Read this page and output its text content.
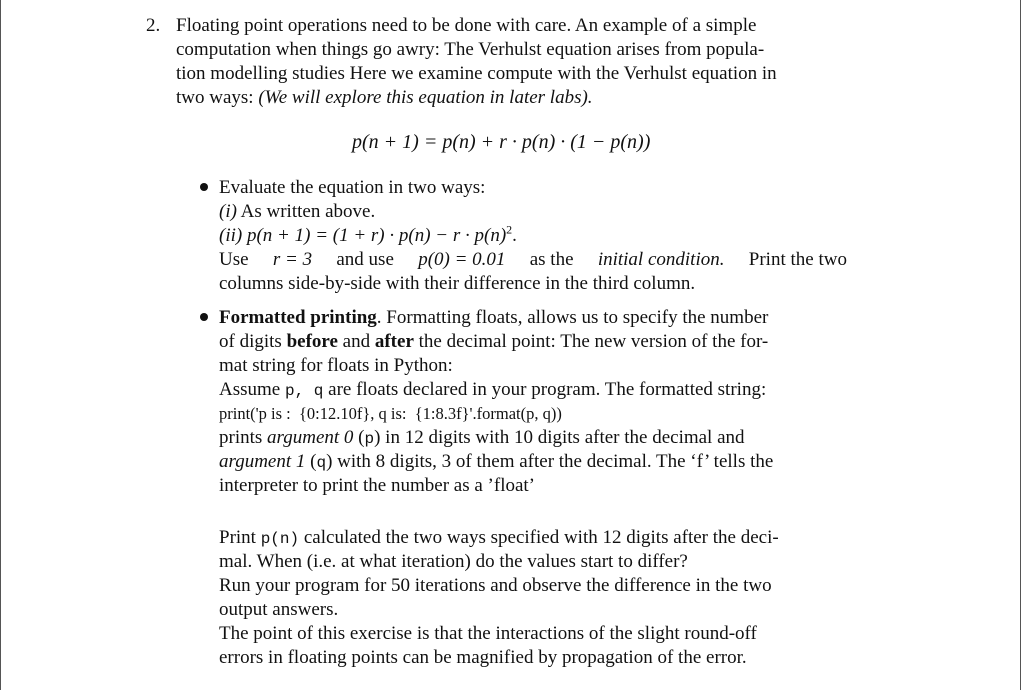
2. Floating point operations need to be done with care. An example of a simple
computation when things go awry: The Verhulst equation arises from popula-
tion modelling studies Here we examine compute with the Verhulst equation in
two ways: (We will explore this equation in later labs).
p(n + 1) = p(n) + r · p(n) · (1 − p(n))
Evaluate the equation in two ways:
(i) As written above.
(ii) $p(n + 1) = (1 + r) \cdot p(n) - r \cdot p(n)^2$.
Use r = 3 and use p(0) = 0.01 as the initial condition. Print the two
columns side-by-side with their difference in the third column.
Formatted printing. Formatting floats, allows us to specify the number
of digits before and after the decimal point: The new version of the for-
mat string for floats in Python:
Assume p, q are floats declared in your program. The formatted string:
print('p is :  {0:12.10f}, q is:  {1:8.3f}'.format(p, q))
prints argument 0 (p) in 12 digits with 10 digits after the decimal and
argument 1 (q) with 8 digits, 3 of them after the decimal. The ‘f’ tells the
interpreter to print the number as a ’float’
Print p(n) calculated the two ways specified with 12 digits after the deci-
mal. When (i.e. at what iteration) do the values start to differ?
Run your program for 50 iterations and observe the difference in the two
output answers.
The point of this exercise is that the interactions of the slight round-off
errors in floating points can be magnified by propagation of the error.
